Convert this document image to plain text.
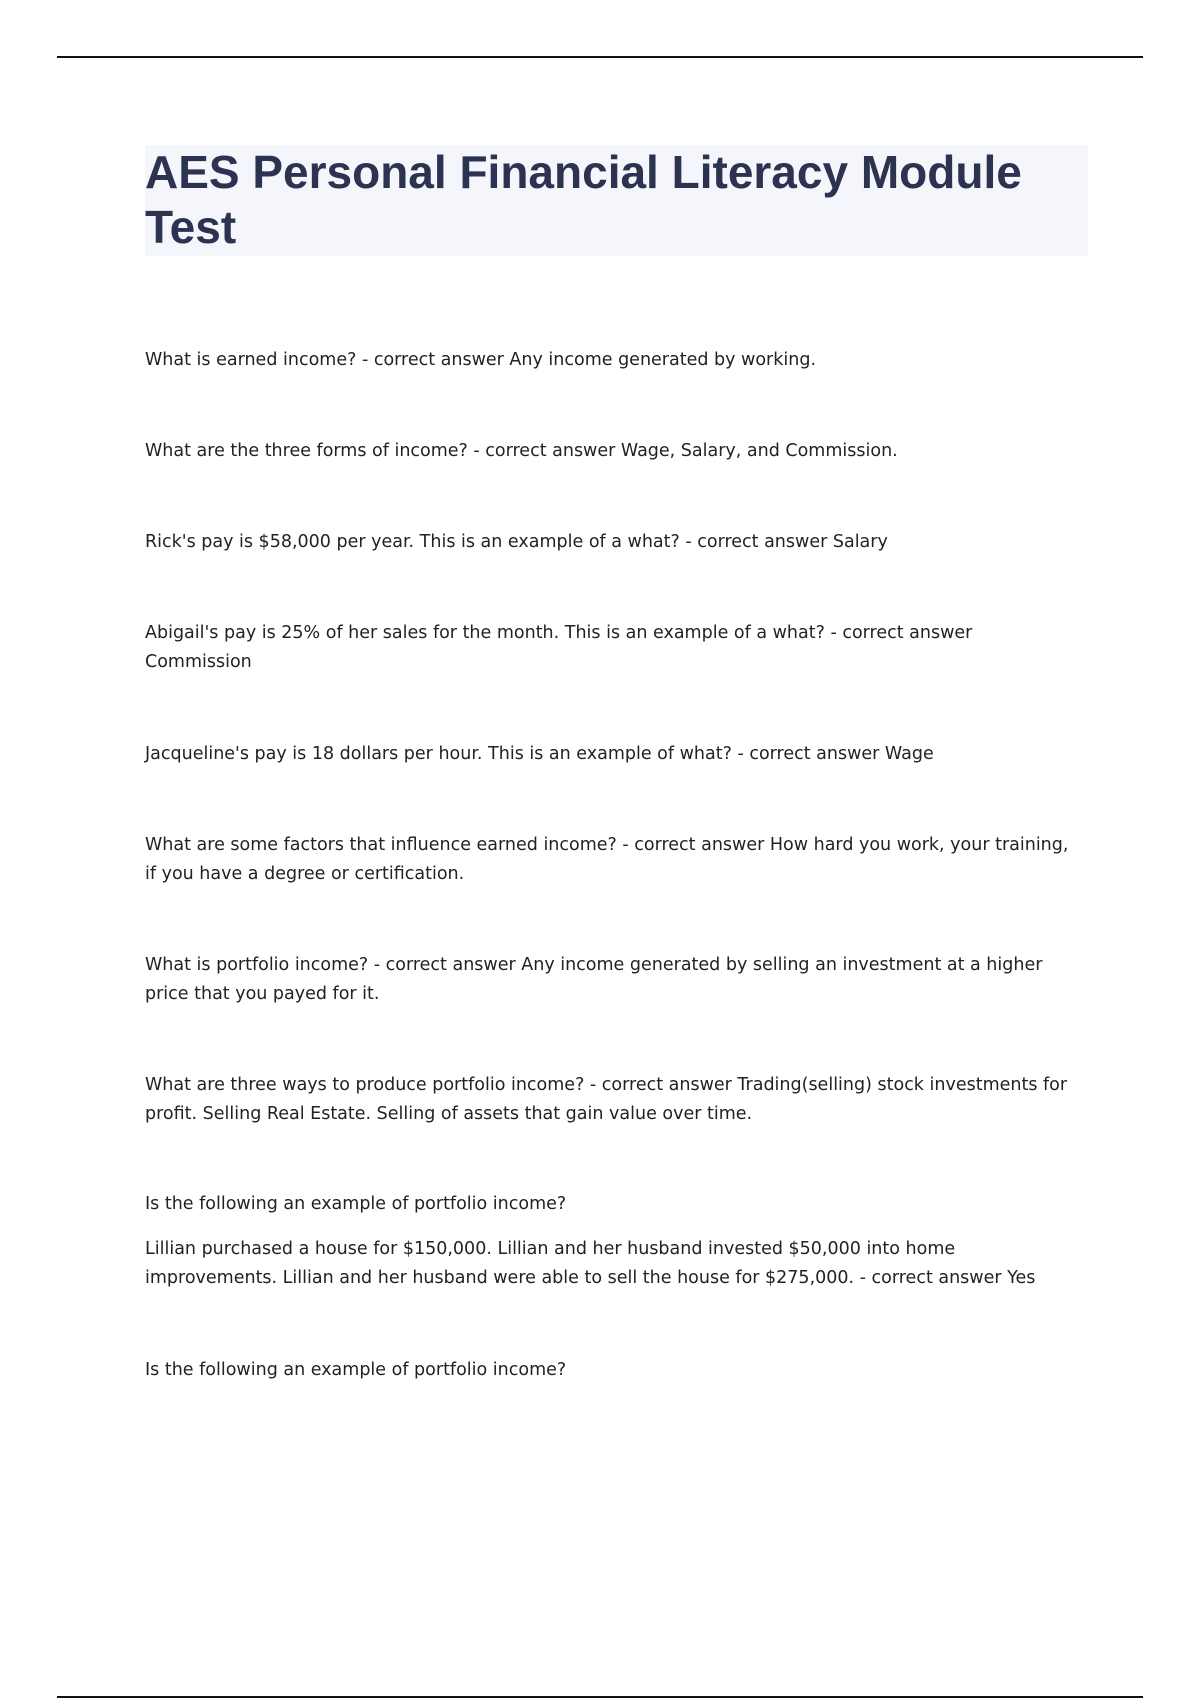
AES Personal Financial Literacy Module Test

What is earned income? - correct answer Any income generated by working.

What are the three forms of income? - correct answer Wage, Salary, and Commission.

Rick's pay is $58,000 per year. This is an example of a what? - correct answer Salary

Abigail's pay is 25% of her sales for the month. This is an example of a what? - correct answer Commission

Jacqueline's pay is 18 dollars per hour. This is an example of what? - correct answer Wage

What are some factors that influence earned income? - correct answer How hard you work, your training, if you have a degree or certification.

What is portfolio income? - correct answer Any income generated by selling an investment at a higher price that you payed for it.

What are three ways to produce portfolio income? - correct answer Trading(selling) stock investments for profit. Selling Real Estate. Selling of assets that gain value over time.

Is the following an example of portfolio income?

Lillian purchased a house for $150,000. Lillian and her husband invested $50,000 into home improvements. Lillian and her husband were able to sell the house for $275,000. - correct answer Yes

Is the following an example of portfolio income?
